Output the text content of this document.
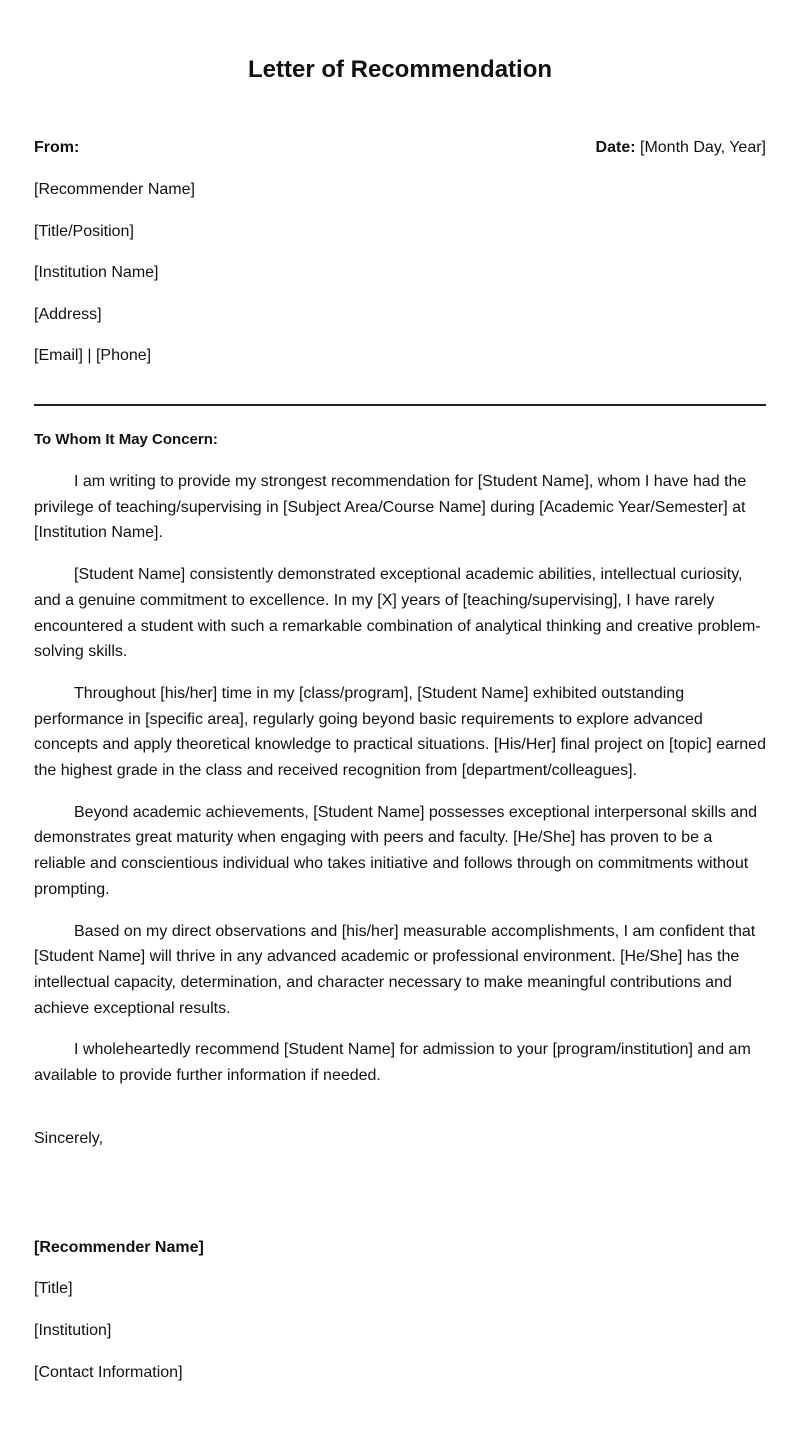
Letter of Recommendation
From:	Date: [Month Day, Year]
[Recommender Name]
[Title/Position]
[Institution Name]
[Address]
[Email] | [Phone]
To Whom It May Concern:

I am writing to provide my strongest recommendation for [Student Name], whom I have had the privilege of teaching/supervising in [Subject Area/Course Name] during [Academic Year/Semester] at [Institution Name].

[Student Name] consistently demonstrated exceptional academic abilities, intellectual curiosity, and a genuine commitment to excellence. In my [X] years of [teaching/supervising], I have rarely encountered a student with such a remarkable combination of analytical thinking and creative problem-solving skills.

Throughout [his/her] time in my [class/program], [Student Name] exhibited outstanding performance in [specific area], regularly going beyond basic requirements to explore advanced concepts and apply theoretical knowledge to practical situations. [His/Her] final project on [topic] earned the highest grade in the class and received recognition from [department/colleagues].

Beyond academic achievements, [Student Name] possesses exceptional interpersonal skills and demonstrates great maturity when engaging with peers and faculty. [He/She] has proven to be a reliable and conscientious individual who takes initiative and follows through on commitments without prompting.

Based on my direct observations and [his/her] measurable accomplishments, I am confident that [Student Name] will thrive in any advanced academic or professional environment. [He/She] has the intellectual capacity, determination, and character necessary to make meaningful contributions and achieve exceptional results.

I wholeheartedly recommend [Student Name] for admission to your [program/institution] and am available to provide further information if needed.

Sincerely,
[Recommender Name]
[Title]
[Institution]
[Contact Information]
